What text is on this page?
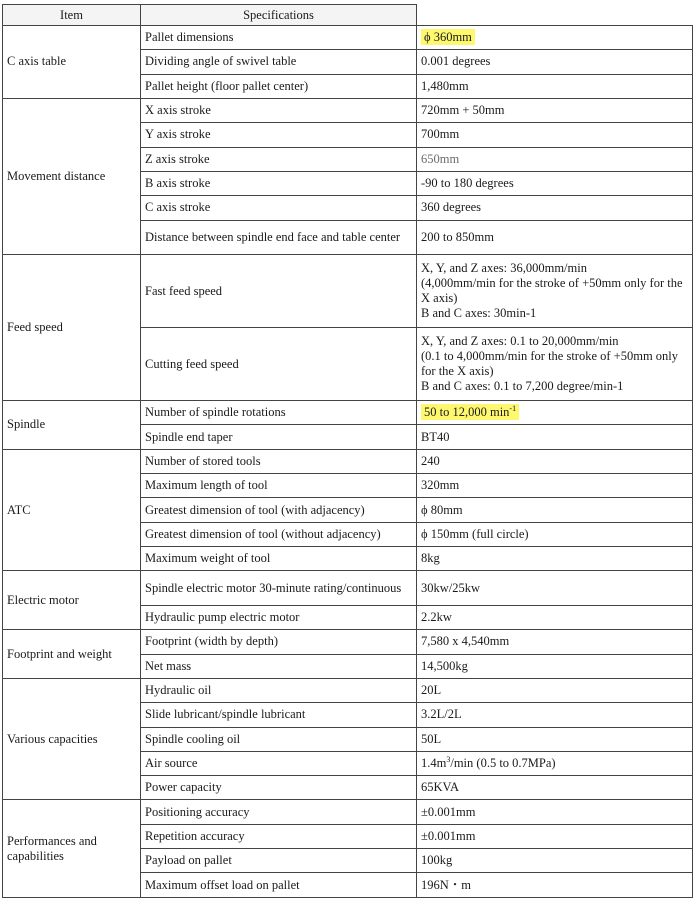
Item	Specifications	
C axis table	Pallet dimensions	ϕ 360mm
	Dividing angle of swivel table	0.001 degrees
	Pallet height (floor pallet center)	1,480mm
Movement distance	X axis stroke	720mm + 50mm
	Y axis stroke	700mm
	Z axis stroke	650mm
	B axis stroke	-90 to 180 degrees
	C axis stroke	360 degrees
	Distance between spindle end face and table center	200 to 850mm
Feed speed	Fast feed speed	X, Y, and Z axes: 36,000mm/min
(4,000mm/min for the stroke of +50mm only for the X axis)
B and C axes: 30min-1

	Cutting feed speed	X, Y, and Z axes: 0.1 to 20,000mm/min
(0.1 to 4,000mm/min for the stroke of +50mm only for the X axis)
B and C axes: 0.1 to 7,200 degree/min-1

Spindle	Number of spindle rotations	50 to 12,000 $\min^{-1}$
	Spindle end taper	BT40
ATC	Number of stored tools	240
	Maximum length of tool	320mm
	Greatest dimension of tool (with adjacency)	ϕ 80mm
	Greatest dimension of tool (without adjacency)	ϕ 150mm (full circle)
	Maximum weight of tool	8kg
Electric motor	Spindle electric motor 30-minute rating/continuous	30kw/25kw
	Hydraulic pump electric motor	2.2kw
Footprint and weight	Footprint (width by depth)	7,580 x 4,540mm
	Net mass	14,500kg
Various capacities	Hydraulic oil	20L
	Slide lubricant/spindle lubricant	3.2L/2L
	Spindle cooling oil	50L
	Air source	$1.4m^3/\min$ (0.5 to 0.7MPa)
	Power capacity	65KVA
Performances and capabilities	Positioning accuracy	±0.001mm
	Repetition accuracy	±0.001mm
	Payload on pallet	100kg
	Maximum offset load on pallet	196N・m
